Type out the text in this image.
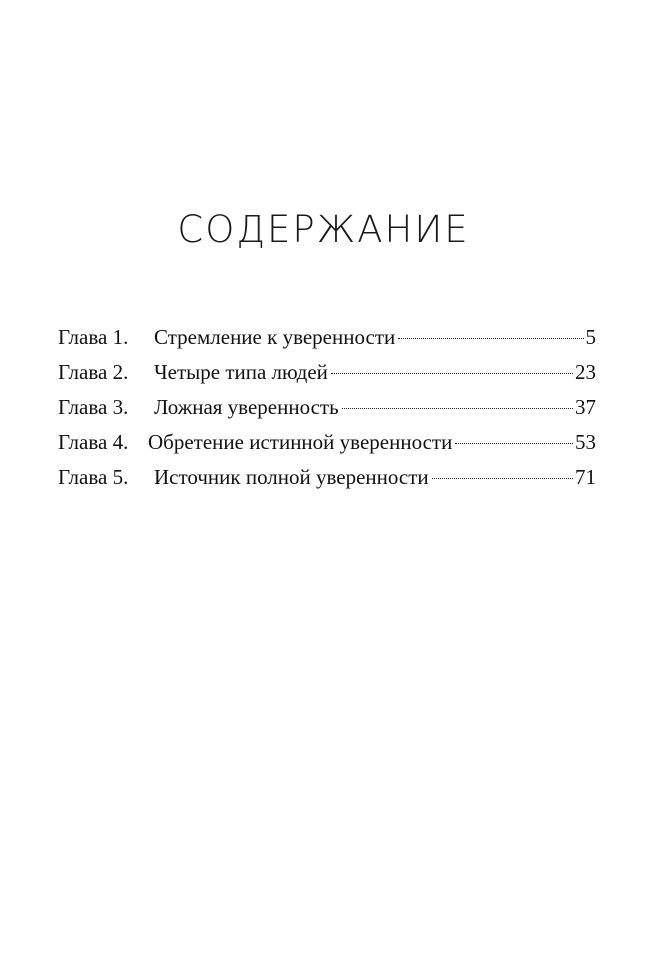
СОДЕРЖАНИЕ
Глава 1.	Стремление к уверенности	5
Глава 2.	Четыре типа людей	23
Глава 3.	Ложная уверенность	37
Глава 4. Обретение истинной уверенности	53
Глава 5.	Источник полной уверенности	71
